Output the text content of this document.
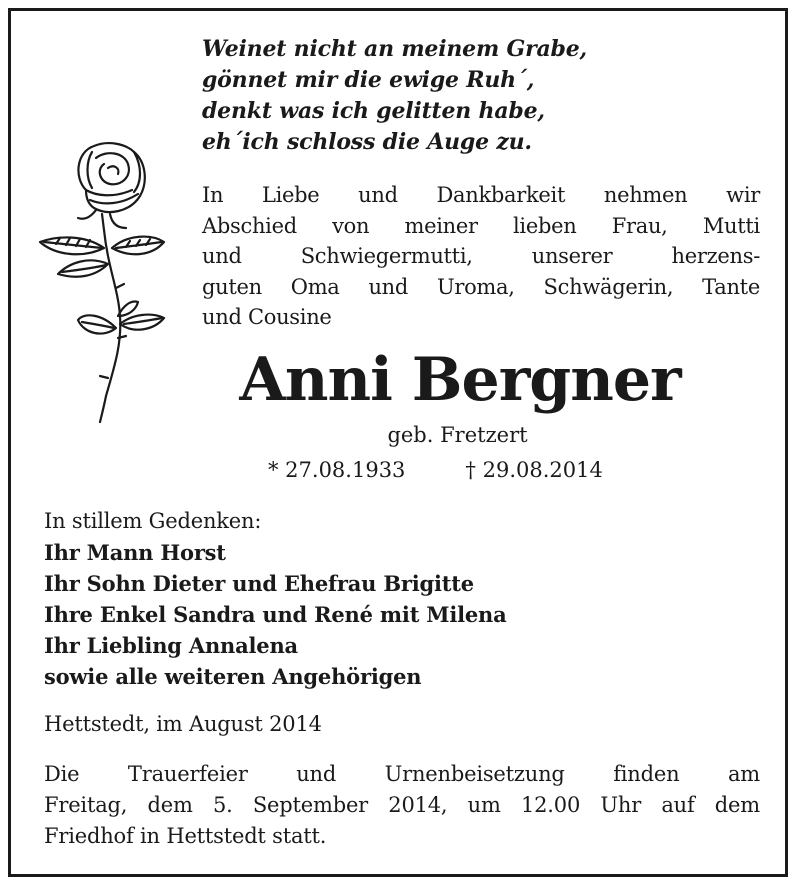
Weinet nicht an meinem Grabe,
gönnet mir die ewige Ruh´,
denkt was ich gelitten habe,
eh´ich schloss die Auge zu.
In Liebe und Dankbarkeit nehmen wir
Abschied von meiner lieben Frau, Mutti
und	Schwiegermutti,	unserer	herzens-
guten Oma und Uroma, Schwägerin, Tante
und Cousine
Anni Bergner
geb. Fretzert
* 27.08.1933	† 29.08.2014
In stillem Gedenken:
Ihr Mann Horst
Ihr Sohn Dieter und Ehefrau Brigitte
Ihre Enkel Sandra und René mit Milena
Ihr Liebling Annalena
sowie alle weiteren Angehörigen
Hettstedt, im August 2014
Die Trauerfeier und Urnenbeisetzung finden am
Freitag, dem 5. September 2014, um 12.00 Uhr auf dem
Friedhof in Hettstedt statt.
